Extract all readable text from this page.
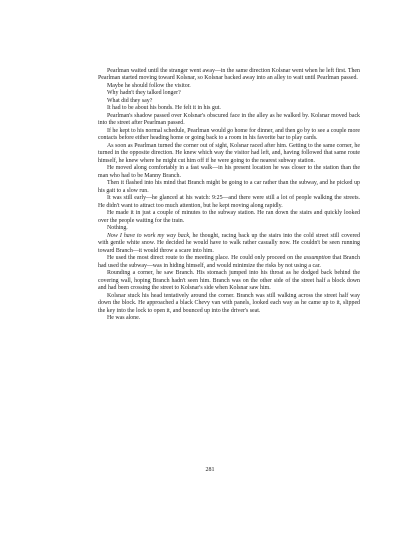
Pearlman waited until the stranger went away—in the same direction Kolsnar went when he left first. Then Pearlman started moving toward Kolsnar, so Kolsnar backed away into an alley to wait until Pearlman passed.

Maybe he should follow the visitor.

Why hadn't they talked longer?

What did they say?

It had to be about his bonds. He felt it in his gut.

Pearlman's shadow passed over Kolsnar's obscured face in the alley as he walked by. Kolsnar moved back into the street after Pearlman passed.

If he kept to his normal schedule, Pearlman would go home for dinner, and then go by to see a couple more contacts before either heading home or going back to a room in his favorite bar to play cards.

As soon as Pearlman turned the corner out of sight, Kolsnar raced after him. Getting to the same corner, he turned in the opposite direction. He knew which way the visitor had left, and, having followed that same route himself, he knew where he might cut him off if he were going to the nearest subway station.

He moved along comfortably in a fast walk—in his present location he was closer to the station than the man who had to be Manny Branch.

Then it flashed into his mind that Branch might be going to a car rather than the subway, and he picked up his gait to a slow run.

It was still early—he glanced at his watch: 9:25—and there were still a lot of people walking the streets. He didn't want to attract too much attention, but he kept moving along rapidly.

He made it in just a couple of minutes to the subway station. He ran down the stairs and quickly looked over the people waiting for the train.

Nothing.

Now I have to work my way back, he thought, racing back up the stairs into the cold street still covered with gentle white snow. He decided he would have to walk rather casually now. He couldn't be seen running toward Branch—it would throw a scare into him.

He used the most direct route to the meeting place. He could only proceed on the assumption that Branch had used the subway—was in hiding himself, and would minimize the risks by not using a car.

Rounding a corner, he saw Branch. His stomach jumped into his throat as he dodged back behind the covering wall, hoping Branch hadn't seen him. Branch was on the other side of the street half a block down and had been crossing the street to Kolsnar's side when Kolsnar saw him.

Kolsnar stuck his head tentatively around the corner. Branch was still walking across the street half way down the block. He approached a black Chevy van with panels, looked each way as he came up to it, slipped the key into the lock to open it, and bounced up into the driver's seat.

He was alone.

281
